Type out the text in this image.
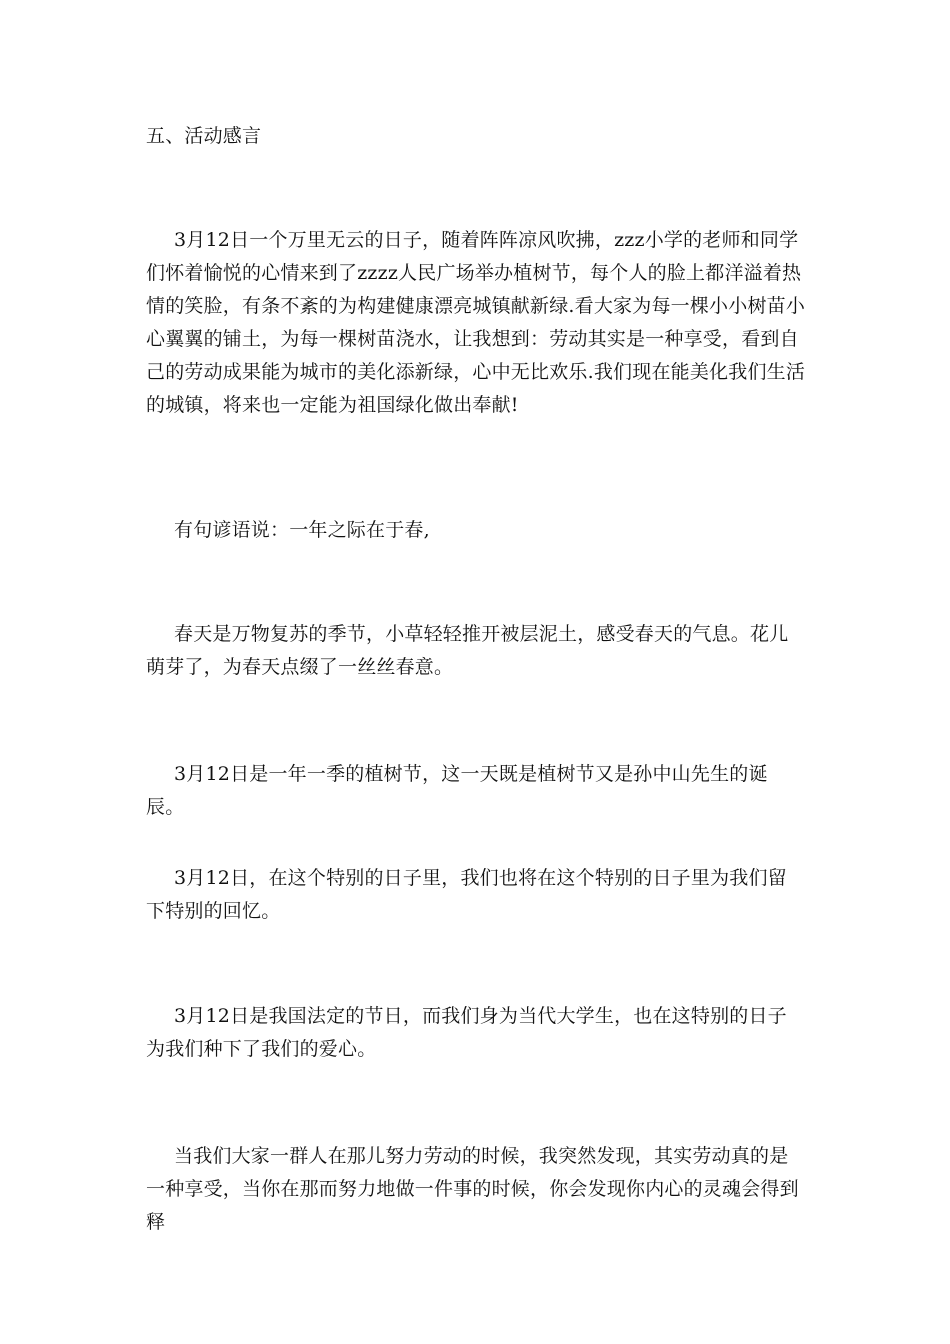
五、活动感言

3月12日一个万里无云的日子，随着阵阵凉风吹拂，zzz小学的老师和同学们怀着愉悦的心情来到了zzzz人民广场举办植树节，每个人的脸上都洋溢着热情的笑脸，有条不紊的为构建健康漂亮城镇献新绿.看大家为每一棵小小树苗小心翼翼的铺土，为每一棵树苗浇水，让我想到：劳动其实是一种享受，看到自己的劳动成果能为城市的美化添新绿，心中无比欢乐.我们现在能美化我们生活的城镇，将来也一定能为祖国绿化做出奉献!

有句谚语说：一年之际在于春,

春天是万物复苏的季节，小草轻轻推开被层泥土，感受春天的气息。花儿萌芽了，为春天点缀了一丝丝春意。

3月12日是一年一季的植树节，这一天既是植树节又是孙中山先生的诞辰。

3月12日，在这个特别的日子里，我们也将在这个特别的日子里为我们留下特别的回忆。

3月12日是我国法定的节日，而我们身为当代大学生，也在这特别的日子为我们种下了我们的爱心。

当我们大家一群人在那儿努力劳动的时候，我突然发现，其实劳动真的是一种享受，当你在那而努力地做一件事的时候，你会发现你内心的灵魂会得到释
